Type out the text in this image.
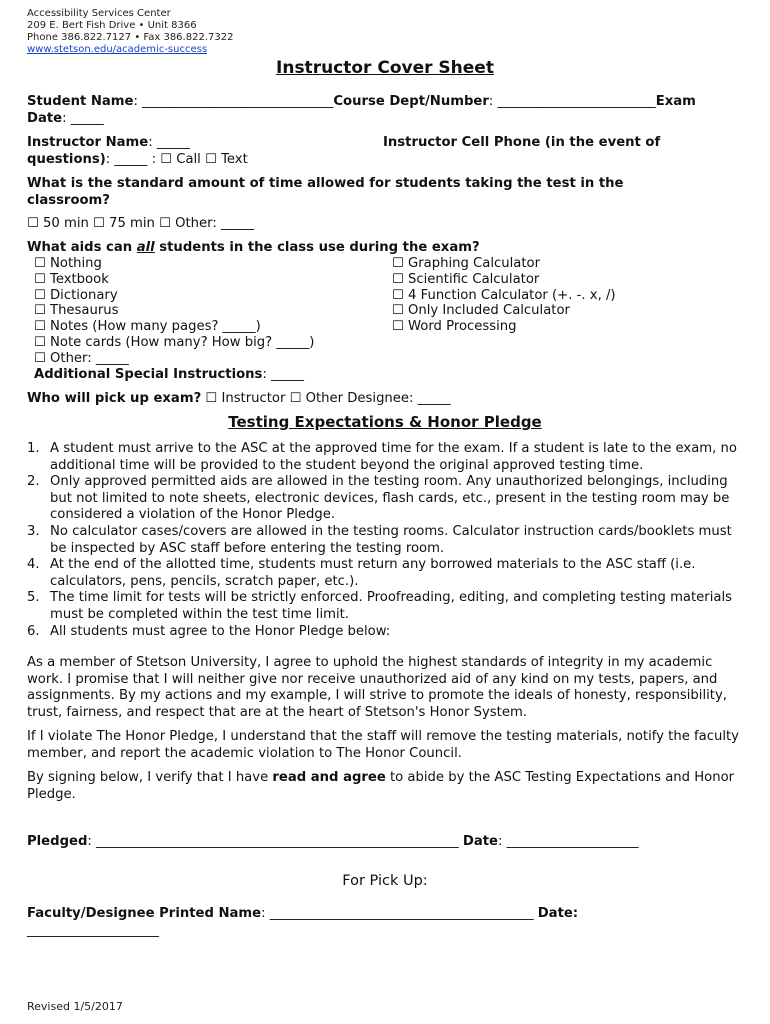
Accessibility Services Center
209 E. Bert Fish Drive • Unit 8366
Phone 386.822.7127 • Fax 386.822.7322
www.stetson.edu/academic-success
Instructor Cover Sheet
Student Name: _____________________________Course Dept/Number: ________________________Exam
Date: _____
Instructor Name: _____	Instructor Cell Phone (in the event of

questions): _____ : ☐ Call ☐ Text
What is the standard amount of time allowed for students taking the test in the
classroom?
☐ 50 min ☐ 75 min ☐ Other: _____
What aids can all students in the class use during the exam?
☐ Nothing
☐ Textbook
☐ Dictionary
☐ Thesaurus
☐ Notes (How many pages? _____)
☐ Note cards (How many? How big? _____)
☐ Other: _____
☐ Graphing Calculator
☐ Scientific Calculator
☐ 4 Function Calculator (+. -. x, /)
☐ Only Included Calculator
☐ Word Processing
Additional Special Instructions: _____
Who will pick up exam? ☐ Instructor ☐ Other Designee: _____
Testing Expectations & Honor Pledge
1. A student must arrive to the ASC at the approved time for the exam. If a student is late to the exam, no additional time will be provided to the student beyond the original approved testing time.
2. Only approved permitted aids are allowed in the testing room. Any unauthorized belongings, including but not limited to note sheets, electronic devices, flash cards, etc., present in the testing room may be considered a violation of the Honor Pledge.
3. No calculator cases/covers are allowed in the testing rooms. Calculator instruction cards/booklets must be inspected by ASC staff before entering the testing room.
4. At the end of the allotted time, students must return any borrowed materials to the ASC staff (i.e. calculators, pens, pencils, scratch paper, etc.).
5. The time limit for tests will be strictly enforced. Proofreading, editing, and completing testing materials must be completed within the test time limit.
6. All students must agree to the Honor Pledge below:
As a member of Stetson University, I agree to uphold the highest standards of integrity in my academic work. I promise that I will neither give nor receive unauthorized aid of any kind on my tests, papers, and assignments. By my actions and my example, I will strive to promote the ideals of honesty, responsibility, trust, fairness, and respect that are at the heart of Stetson's Honor System.
If I violate The Honor Pledge, I understand that the staff will remove the testing materials, notify the faculty member, and report the academic violation to The Honor Council.
By signing below, I verify that I have read and agree to abide by the ASC Testing Expectations and Honor Pledge.
Pledged: _______________________________________________________ Date: ____________________
For Pick Up:
Faculty/Designee Printed Name: ________________________________________ Date:
____________________
Revised 1/5/2017
